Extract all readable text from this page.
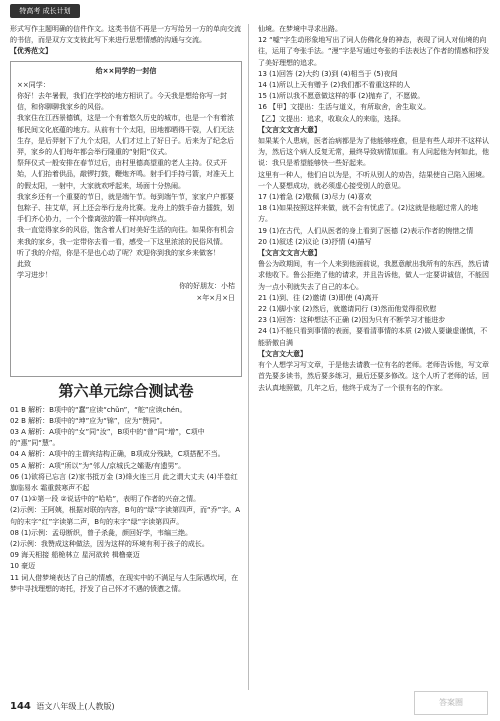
特高考 成长计划

形式写作主题明确的信件作文。这类书信不再是一方写给另一方的单向交流的书信，而是双方文支彼此写下来进行思想情感的沟通与交流。

【优秀范文】

给××同学的一封信

××同学：

你好！去年暑假，我们在学校的地方相识了。今天我是想给你写一封信，和你聊聊我家乡的风俗。

我家住在江西景德镇，这是一个有着悠久历史的城市，也是一个有着浓郁民间文化底蕴的地方。从前有十个太阳，田地都晒得干裂，人们无法生存，是后羿射下了九个太阳，人们才过上了好日子。后来为了纪念后羿，家乡的人们每年都会举行隆重的“射阳”仪式。

祭拜仪式一般安排在春节过后，由村里德高望重的老人主持。仪式开始，人们抬着供品，敲锣打鼓，鞭炮齐鸣。射手们手持弓箭，对准天上的假太阳，一射中，大家就欢呼起来，场面十分热闹。

我家乡还有一个重要的节日，就是端午节。每到端午节，家家户户都要包粽子、挂艾草，河上还会举行龙舟比赛。龙舟上的鼓手奋力擂鼓，划手们齐心协力，一个个像离弦的箭一样冲向终点。

我一直觉得家乡的风俗，饱含着人们对美好生活的向往。如果你有机会来我的家乡，我一定带你去看一看，感受一下这里浓浓的民俗风情。

听了我的介绍，你是不是也心动了呢？欢迎你到我的家乡来做客！

此致

学习进步！

你的好朋友：小桔

×年×月×日

第六单元综合测试卷

01 B 解析：B项中的“蠢”应读“chǔn”，“舵”应读chén。

02 B 解析：B项中的“坤”应为“锦”，应为“赞同”。

03 A 解析：A项中的“女”同“汝”，B项中的“曾”同“增”，C项中的“惠”同“慧”。

04 A 解析：A项中的主谓宾结构正确，B项成分残缺，C项搭配不当。

05 A 解析：A项“所以”为“邻人/京城氏之孀妻/有遗男”。

06 (1)欲将已忘言 (2)家书抵万金 (3)烽火连三月 此之谓大丈夫 (4)半卷红旗临易水 霜重鼓寒声不起

07 (1)①第一段 ②说话中的“哈哈”，表明了作者的兴奋之情。

(2)示例：王阿姨，根据对联的内容，B句的“绿”字读第四声，而“乔”字。A句的末字“红”字读第二声，B句的末字“绿”字读第四声。

08 (1)示例：孟母断织，曾子杀彘，颜回好学，韦编三绝。

(2)示例：我赞成这种做法，因为这样的环境有利于孩子的成长。

09 海天相接 船桅林立 星河欲转 楫橹豪迈

10 豪迈

11 词人借梦境表达了自己的情感，在现实中的不满足与人生际遇坎坷，在梦中寻找理想的寄托，抒发了自己怀才不遇的愤懑之情。

仙境。在梦境中寻求出路。

12 “嘘”字生动形象地写出了词人仿佛化身的神态，表现了词人对仙境的向往，运用了夸张手法。“漫”字是写通过夸张的手法表达了作者的情感和抒发了美好理想的追求。

13 (1)回答 (2)大约 (3)到 (4)相当于 (5)夜间

14 (1)所以上天有赠予 (2)我们都不看重这样的人

15 (1)所以我不愿意做这样的事 (2)抛弃了，不愿做。

16 【甲】文提出：生活与道义，有所取舍，舍生取义。

【乙】文提出：追求，收取众人的来临，选择。

【文言文文言大意】

如果某个人患病，医者治病都是为了他能够痊愈，但是有些人却并不这样认为，然后这个病人反复无常，最终导致病情加重。有人问起他为何如此，他说：我只是希望能够快一些好起来。

这里有一种人，他们自以为是，不听从别人的劝告，结果使自己陷入困境。一个人要想成功，就必须虚心接受别人的意见。

17 (1)着急 (2)敬佩 (3)尽力 (4)喜欢

18 (1)如果按照这样来做，就不会有忧虑了。(2)这就是他超过常人的地方。

19 (1)在古代，人们从医者的身上看到了医德 (2)表示作者的惋惜之情

20 (1)叙述 (2)议论 (3)抒情 (4)描写

【文言文文言大意】

鲁公为政期间，有一个人来到他面前说，我愿意献出我所有的东西，然后请求他收下。鲁公拒绝了他的请求，并且告诉他，做人一定要讲诚信，不能因为一点小利就失去了自己的本心。

21 (1)到、往 (2)邀请 (3)即使 (4)离开

22 (1)脚小家 (2)然后，就邀请同行 (3)然而他觉得很欣慰

23 (1)回答：这种想法不正确 (2)因为只有不断学习才能进步

24 (1)不能只看到事情的表面，要看清事情的本质 (2)做人要谦虚谨慎，不能骄傲自满

【文言文大意】

有个人想学习写文章，于是他去请教一位有名的老师。老师告诉他，写文章首先要多读书，然后要多练习，最后还要多修改。这个人听了老师的话，回去认真地照做，几年之后，他终于成为了一个很有名的作家。

144 语文八年级上(人教版)	答案圈
